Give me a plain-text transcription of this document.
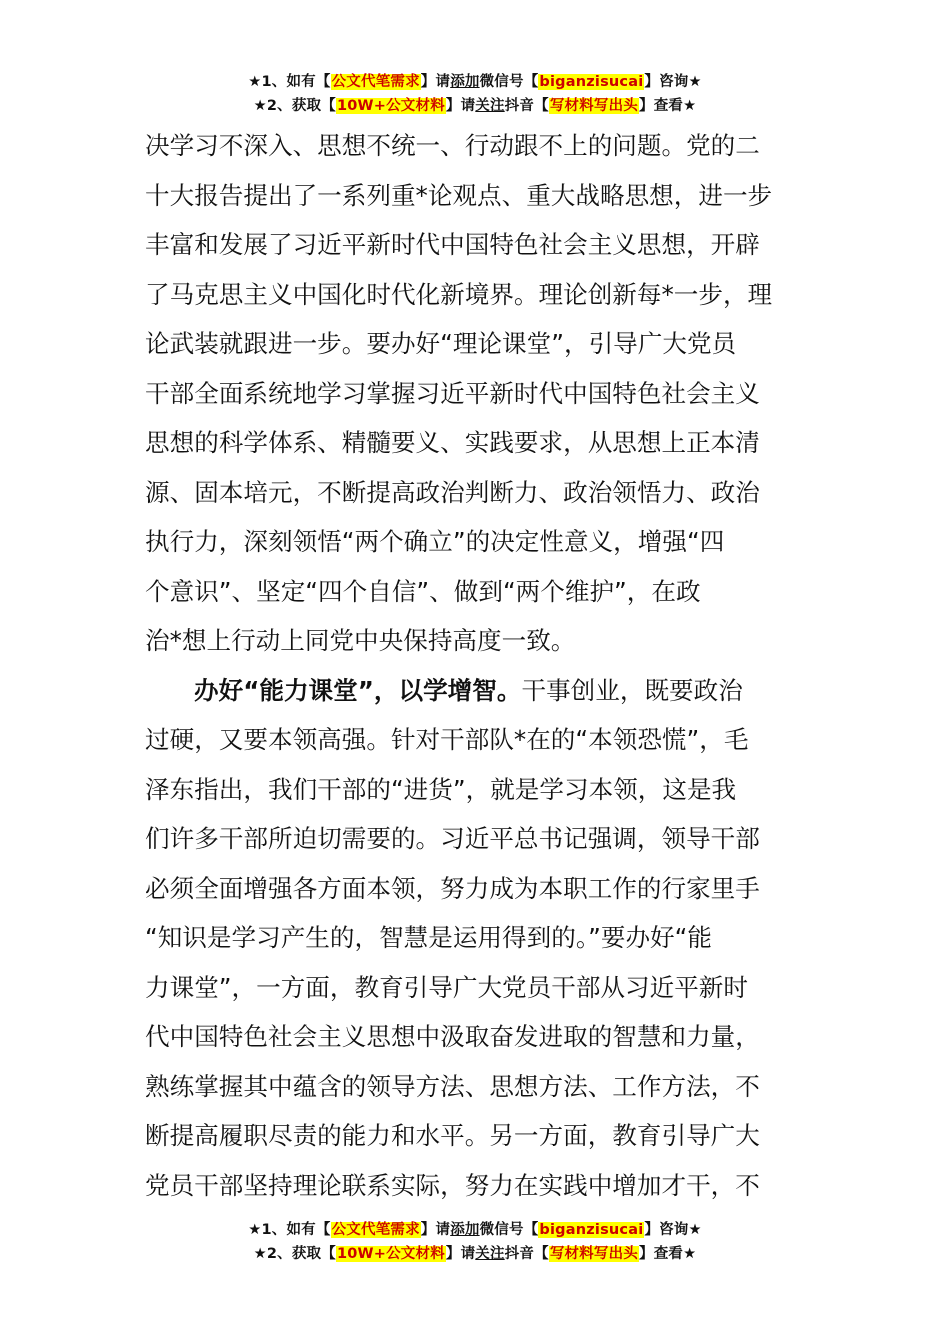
★1、如有【公文代笔需求】请添加微信号【biganzisucai】咨询★
★2、获取【10W+公文材料】请关注抖音【写材料写出头】查看★
决学习不深入、思想不统一、行动跟不上的问题。党的二
十大报告提出了一系列重*论观点、重大战略思想，进一步
丰富和发展了习近平新时代中国特色社会主义思想，开辟
了马克思主义中国化时代化新境界。理论创新每*一步，理
论武装就跟进一步。要办好“理论课堂”，引导广大党员
干部全面系统地学习掌握习近平新时代中国特色社会主义
思想的科学体系、精髓要义、实践要求，从思想上正本清
源、固本培元，不断提高政治判断力、政治领悟力、政治
执行力，深刻领悟“两个确立”的决定性意义，增强“四
个意识”、坚定“四个自信”、做到“两个维护”，在政
治*想上行动上同党中央保持高度一致。
办好“能力课堂”，以学增智。干事创业，既要政治
过硬，又要本领高强。针对干部队*在的“本领恐慌”，毛
泽东指出，我们干部的“进货”，就是学习本领，这是我
们许多干部所迫切需要的。习近平总书记强调，领导干部
必须全面增强各方面本领，努力成为本职工作的行家里手
“知识是学习产生的，智慧是运用得到的。”要办好“能
力课堂”，一方面，教育引导广大党员干部从习近平新时
代中国特色社会主义思想中汲取奋发进取的智慧和力量，
熟练掌握其中蕴含的领导方法、思想方法、工作方法，不
断提高履职尽责的能力和水平。另一方面，教育引导广大
党员干部坚持理论联系实际，努力在实践中增加才干，不
★1、如有【公文代笔需求】请添加微信号【biganzisucai】咨询★
★2、获取【10W+公文材料】请关注抖音【写材料写出头】查看★
